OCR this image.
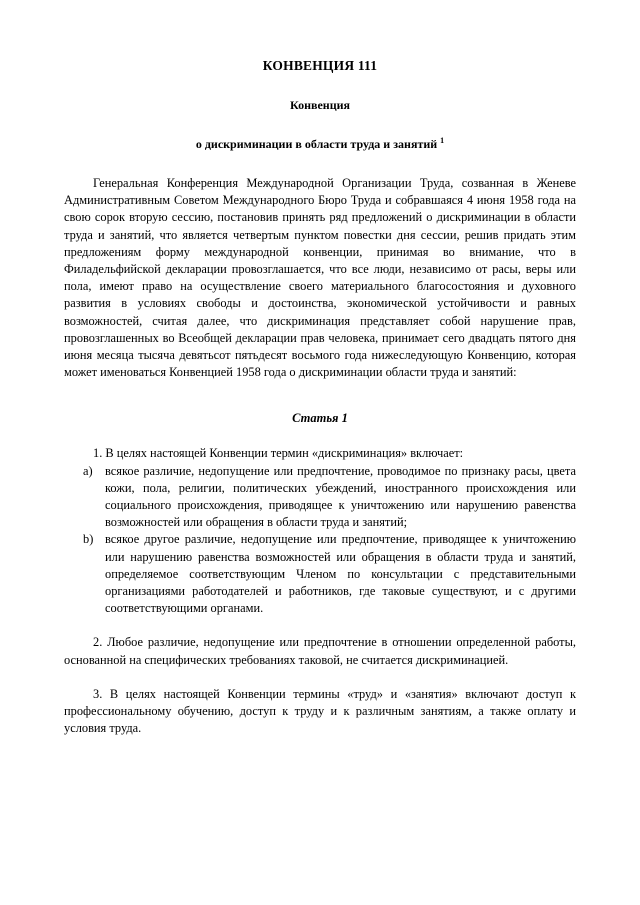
КОНВЕНЦИЯ 111
Конвенция
о дискриминации в области труда и занятий $^1$

Генеральная Конференция Международной Организации Труда, созванная в Женеве Административным Советом Международного Бюро Труда и собравшаяся 4 июня 1958 года на свою сорок вторую сессию, постановив принять ряд предложений о дискриминации в области труда и занятий, что является четвертым пунктом повестки дня сессии, решив придать этим предложениям форму международной конвенции, принимая во внимание, что в Филадельфийской декларации провозглашается, что все люди, независимо от расы, веры или пола, имеют право на осуществление своего материального благосостояния и духовного развития в условиях свободы и достоинства, экономической устойчивости и равных возможностей, считая далее, что дискриминация представляет собой нарушение прав, провозглашенных во Всеобщей декларации прав человека, принимает сего двадцать пятого дня июня месяца тысяча девятьсот пятьдесят восьмого года нижеследующую Конвенцию, которая может именоваться Конвенцией 1958 года о дискриминации области труда и занятий:

Статья 1

1. В целях настоящей Конвенции термин «дискриминация» включает:

a) всякое различие, недопущение или предпочтение, проводимое по признаку расы, цвета кожи, пола, религии, политических убеждений, иностранного происхождения или социального происхождения, приводящее к уничтожению или нарушению равенства возможностей или обращения в области труда и занятий;
b) всякое другое различие, недопущение или предпочтение, приводящее к уничтожению или нарушению равенства возможностей или обращения в области труда и занятий, определяемое соответствующим Членом по консультации с представительными организациями работодателей и работников, где таковые существуют, и с другими соответствующими органами.

2. Любое различие, недопущение или предпочтение в отношении определенной работы, основанной на специфических требованиях таковой, не считается дискриминацией.

3. В целях настоящей Конвенции термины «труд» и «занятия» включают доступ к профессиональному обучению, доступ к труду и к различным занятиям, а также оплату и условия труда.
